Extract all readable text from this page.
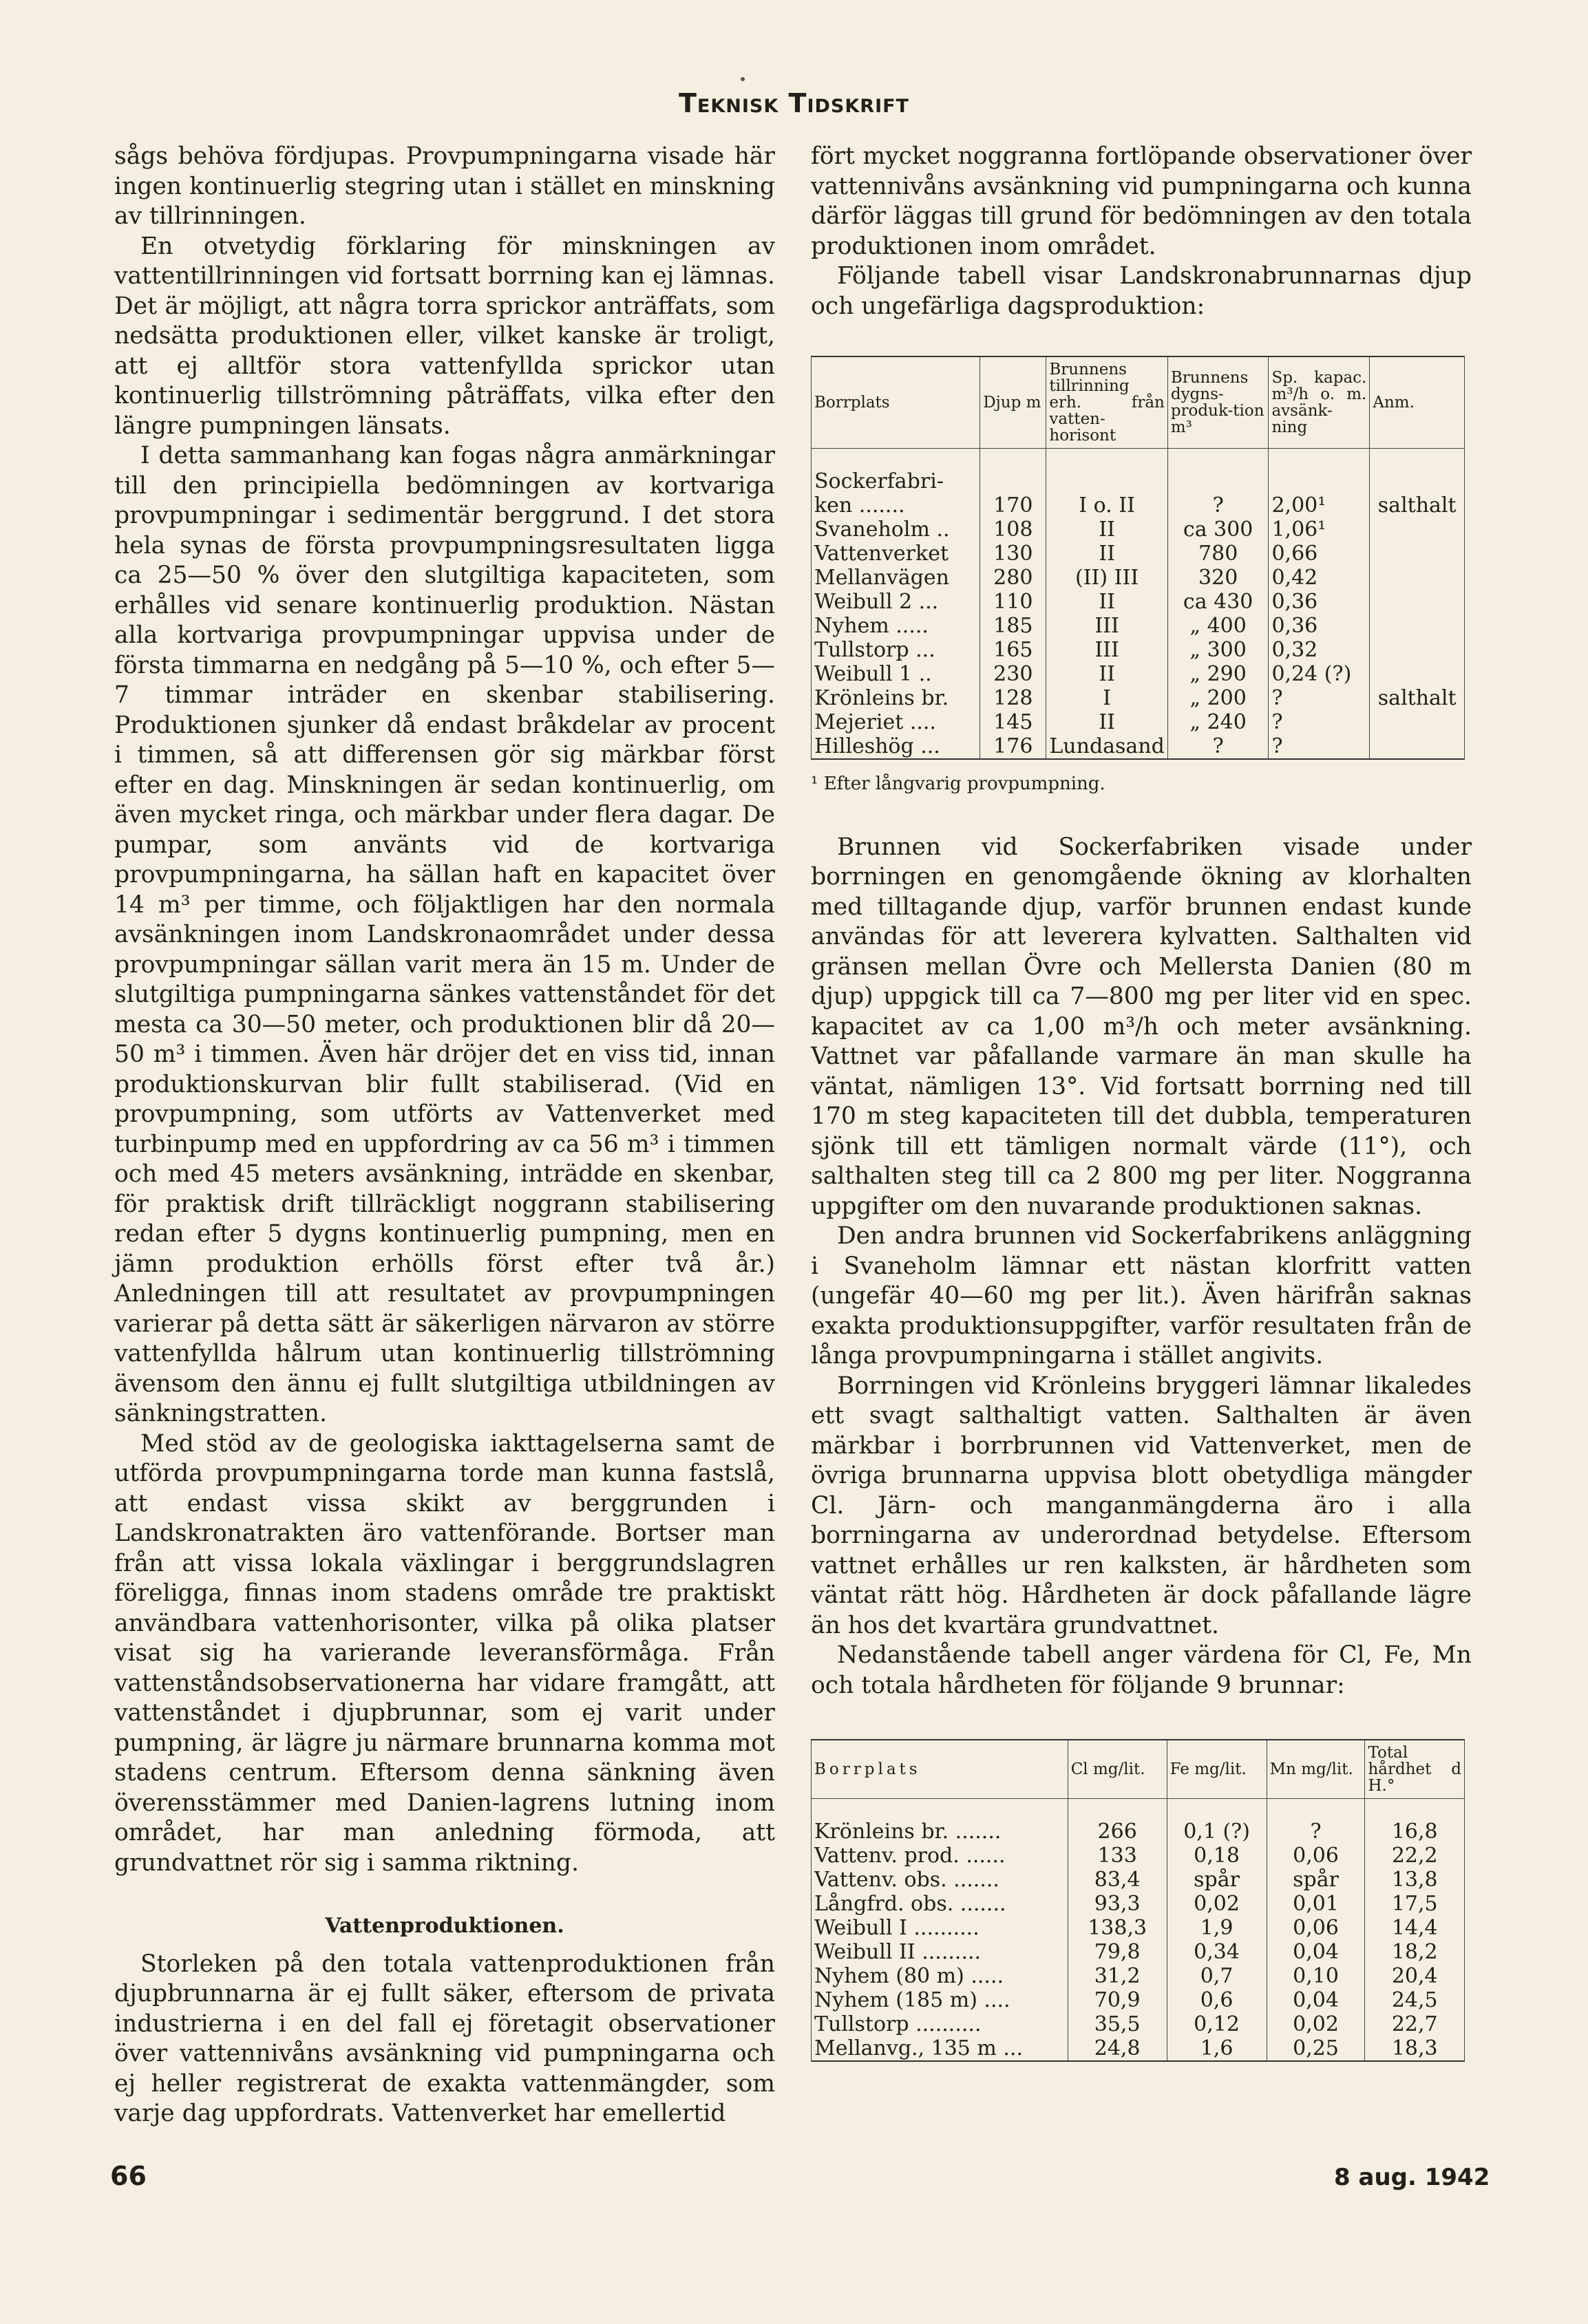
Teknisk Tidskrift

sågs behöva fördjupas. Provpumpningarna visade här ingen kontinuerlig stegring utan i stället en minskning av tillrinningen.

En otvetydig förklaring för minskningen av vattentillrinningen vid fortsatt borrning kan ej lämnas. Det är möjligt, att några torra sprickor anträffats, som nedsätta produktionen eller, vilket kanske är troligt, att ej alltför stora vattenfyllda sprickor utan kontinuerlig tillströmning påträffats, vilka efter den längre pumpningen länsats.

I detta sammanhang kan fogas några anmärkningar till den principiella bedömningen av kortvariga provpumpningar i sedimentär berggrund. I det stora hela synas de första provpumpningsresultaten ligga ca 25—50 % över den slutgiltiga kapaciteten, som erhålles vid senare kontinuerlig produktion. Nästan alla kortvariga provpumpningar uppvisa under de första timmarna en nedgång på 5—10 %, och efter 5—7 timmar inträder en skenbar stabilisering. Produktionen sjunker då endast bråkdelar av procent i timmen, så att differensen gör sig märkbar först efter en dag. Minskningen är sedan kontinuerlig, om även mycket ringa, och märkbar under flera dagar. De pumpar, som använts vid de kortvariga provpumpningarna, ha sällan haft en kapacitet över 14 m³ per timme, och följaktligen har den normala avsänkningen inom Landskronaområdet under dessa provpumpningar sällan varit mera än 15 m. Under de slutgiltiga pumpningarna sänkes vattenståndet för det mesta ca 30—50 meter, och produktionen blir då 20—50 m³ i timmen. Även här dröjer det en viss tid, innan produktionskurvan blir fullt stabiliserad. (Vid en provpumpning, som utförts av Vattenverket med turbinpump med en uppfordring av ca 56 m³ i timmen och med 45 meters avsänkning, inträdde en skenbar, för praktisk drift tillräckligt noggrann stabilisering redan efter 5 dygns kontinuerlig pumpning, men en jämn produktion erhölls först efter två år.) Anledningen till att resultatet av provpumpningen varierar på detta sätt är säkerligen närvaron av större vattenfyllda hålrum utan kontinuerlig tillströmning ävensom den ännu ej fullt slutgiltiga utbildningen av sänkningstratten.

Med stöd av de geologiska iakttagelserna samt de utförda provpumpningarna torde man kunna fastslå, att endast vissa skikt av berggrunden i Landskronatrakten äro vattenförande. Bortser man från att vissa lokala växlingar i berggrundslagren föreligga, finnas inom stadens område tre praktiskt användbara vattenhorisonter, vilka på olika platser visat sig ha varierande leveransförmåga. Från vattenståndsobservationerna har vidare framgått, att vattenståndet i djupbrunnar, som ej varit under pumpning, är lägre ju närmare brunnarna komma mot stadens centrum. Eftersom denna sänkning även överensstämmer med Danien-lagrens lutning inom området, har man anledning förmoda, att grundvattnet rör sig i samma riktning.

Vattenproduktionen.

Storleken på den totala vattenproduktionen från djupbrunnarna är ej fullt säker, eftersom de privata industrierna i en del fall ej företagit observationer över vattennivåns avsänkning vid pumpningarna och ej heller registrerat de exakta vattenmängder, som varje dag uppfordrats. Vattenverket har emellertid

fört mycket noggranna fortlöpande observationer över vattennivåns avsänkning vid pumpningarna och kunna därför läggas till grund för bedömningen av den totala produktionen inom området.

Följande tabell visar Landskronabrunnarnas djup och ungefärliga dagsproduktion:

Borrplats	Djup m	Brunnens tillrinning erh. från vatten-horisont	Brunnens dygns-produk-tion m³	Sp. kapac. m³/h o. m. avsänk-ning	Anm.

Sockerfabri-					
ken .......	170	I o. II	?	2,00¹	salthalt
Svaneholm ..	108	II	ca 300	1,06¹	
Vattenverket	130	II	780	0,66	
Mellanvägen	280	(II) III	320	0,42	
Weibull 2 ...	110	II	ca 430	0,36	
Nyhem .....	185	III	„ 400	0,36	
Tullstorp ...	165	III	„ 300	0,32	
Weibull 1 ..	230	II	„ 290	0,24 (?)	
Krönleins br.	128	I	„ 200	?	salthalt
Mejeriet ....	145	II	„ 240	?	
Hilleshög ...	176	Lundasand	?	?	
¹ Efter långvarig provpumpning.

Brunnen vid Sockerfabriken visade under borrningen en genomgående ökning av klorhalten med tilltagande djup, varför brunnen endast kunde användas för att leverera kylvatten. Salthalten vid gränsen mellan Övre och Mellersta Danien (80 m djup) uppgick till ca 7—800 mg per liter vid en spec. kapacitet av ca 1,00 m³/h och meter avsänkning. Vattnet var påfallande varmare än man skulle ha väntat, nämligen 13°. Vid fortsatt borrning ned till 170 m steg kapaciteten till det dubbla, temperaturen sjönk till ett tämligen normalt värde (11°), och salthalten steg till ca 2 800 mg per liter. Noggranna uppgifter om den nuvarande produktionen saknas.

Den andra brunnen vid Sockerfabrikens anläggning i Svaneholm lämnar ett nästan klorfritt vatten (ungefär 40—60 mg per lit.). Även härifrån saknas exakta produktionsuppgifter, varför resultaten från de långa provpumpningarna i stället angivits.

Borrningen vid Krönleins bryggeri lämnar likaledes ett svagt salthaltigt vatten. Salthalten är även märkbar i borrbrunnen vid Vattenverket, men de övriga brunnarna uppvisa blott obetydliga mängder Cl. Järn- och manganmängderna äro i alla borrningarna av underordnad betydelse. Eftersom vattnet erhålles ur ren kalksten, är hårdheten som väntat rätt hög. Hårdheten är dock påfallande lägre än hos det kvartära grundvattnet.

Nedanstående tabell anger värdena för Cl, Fe, Mn och totala hårdheten för följande 9 brunnar:

Borrplats	Cl mg/lit.	Fe mg/lit.	Mn mg/lit.	Total hårdhet d H.°

Krönleins br. .......	266	0,1 (?)	?	16,8
Vattenv. prod. ......	133	0,18	0,06	22,2
Vattenv. obs. .......	83,4	spår	spår	13,8
Långfrd. obs. .......	93,3	0,02	0,01	17,5
Weibull I ..........	138,3	1,9	0,06	14,4
Weibull II .........	79,8	0,34	0,04	18,2
Nyhem (80 m) .....	31,2	0,7	0,10	20,4
Nyhem (185 m) ....	70,9	0,6	0,04	24,5
Tullstorp ..........	35,5	0,12	0,02	22,7
Mellanvg., 135 m ...	24,8	1,6	0,25	18,3
66	8 aug. 1942
